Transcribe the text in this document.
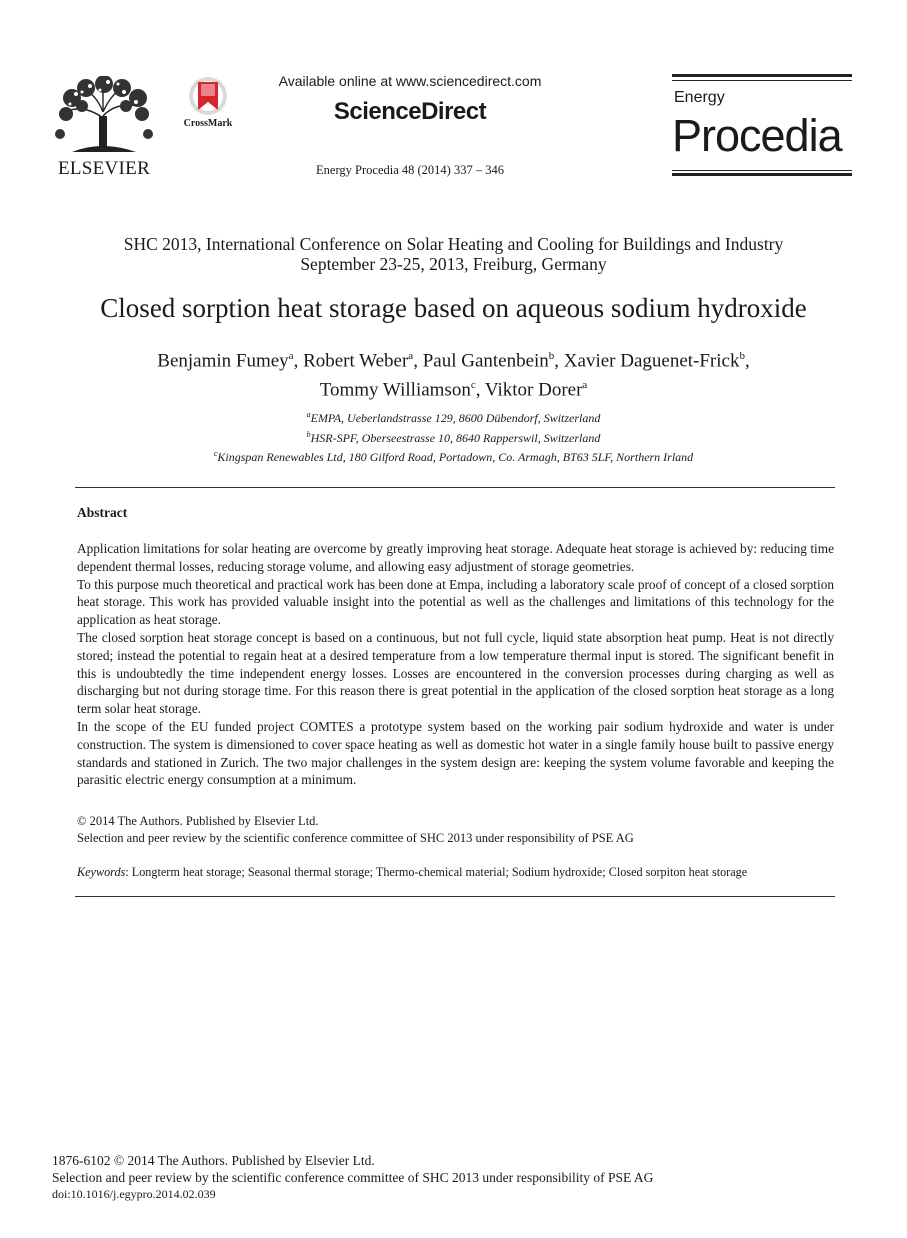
ELSEVIER
CrossMark
Available online at www.sciencedirect.com
ScienceDirect
Energy Procedia 48 (2014) 337 – 346
Energy
Procedia
SHC 2013, International Conference on Solar Heating and Cooling for Buildings and Industry
September 23-25, 2013, Freiburg, Germany
Closed sorption heat storage based on aqueous sodium hydroxide
Benjamin Fumey$^a$, Robert Weber$^a$, Paul Gantenbein$^b$, Xavier Daguenet-Frick$^b$,
Tommy Williamson$^c$, Viktor Dorer$^a$
$^a$EMPA, Ueberlandstrasse 129, 8600 Dübendorf, Switzerland
$^b$HSR-SPF, Oberseestrasse 10, 8640 Rapperswil, Switzerland
$^c$Kingspan Renewables Ltd, 180 Gilford Road, Portadown, Co. Armagh, BT63 5LF, Northern Irland
Abstract

Application limitations for solar heating are overcome by greatly improving heat storage. Adequate heat storage is achieved by: reducing time dependent thermal losses, reducing storage volume, and allowing easy adjustment of storage geometries.

To this purpose much theoretical and practical work has been done at Empa, including a laboratory scale proof of concept of a closed sorption heat storage. This work has provided valuable insight into the potential as well as the challenges and limitations of this technology for the application as heat storage.

The closed sorption heat storage concept is based on a continuous, but not full cycle, liquid state absorption heat pump. Heat is not directly stored; instead the potential to regain heat at a desired temperature from a low temperature thermal input is stored. The significant benefit in this is undoubtedly the time independent energy losses. Losses are encountered in the conversion processes during charging as well as discharging but not during storage time. For this reason there is great potential in the application of the closed sorption heat storage as a long term solar heat storage.

In the scope of the EU funded project COMTES a prototype system based on the working pair sodium hydroxide and water is under construction. The system is dimensioned to cover space heating as well as domestic hot water in a single family house built to passive energy standards and stationed in Zurich. The two major challenges in the system design are: keeping the system volume favorable and keeping the parasitic electric energy consumption at a minimum.

© 2014 The Authors. Published by Elsevier Ltd.
Selection and peer review by the scientific conference committee of SHC 2013 under responsibility of PSE AG
Keywords: Longterm heat storage; Seasonal thermal storage; Thermo-chemical material; Sodium hydroxide; Closed sorpiton heat storage
1876-6102 © 2014 The Authors. Published by Elsevier Ltd.
Selection and peer review by the scientific conference committee of SHC 2013 under responsibility of PSE AG
doi:10.1016/j.egypro.2014.02.039
